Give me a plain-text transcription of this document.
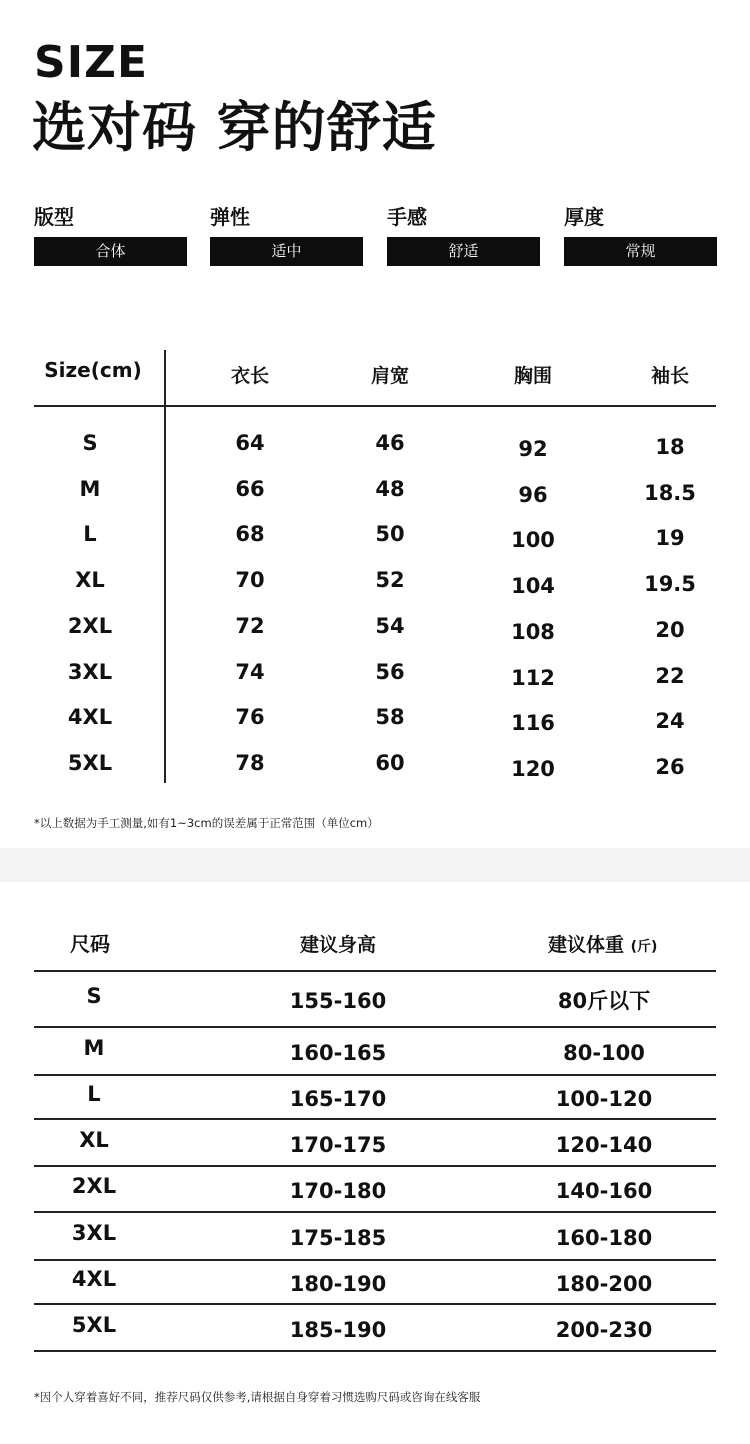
SIZE
选对码 穿的舒适
版型
合体
弹性
适中
手感
舒适
厚度
常规
Size(cm)	衣长	肩宽	胸围	袖长
S	64	46	92	18
M	66	48	96	18.5
L	68	50	100	19
XL	70	52	104	19.5
2XL	72	54	108	20
3XL	74	56	112	22
4XL	76	58	116	24
5XL	78	60	120	26
*以上数据为手工测量,如有1~3cm的误差属于正常范围（单位cm）
尺码	建议身高	建议体重 (斤)
S	155-160	80斤以下
M	160-165	80-100
L	165-170	100-120
XL	170-175	120-140
2XL	170-180	140-160
3XL	175-185	160-180
4XL	180-190	180-200
5XL	185-190	200-230
*因个人穿着喜好不同，推荐尺码仅供参考,请根据自身穿着习惯选购尺码或咨询在线客服
